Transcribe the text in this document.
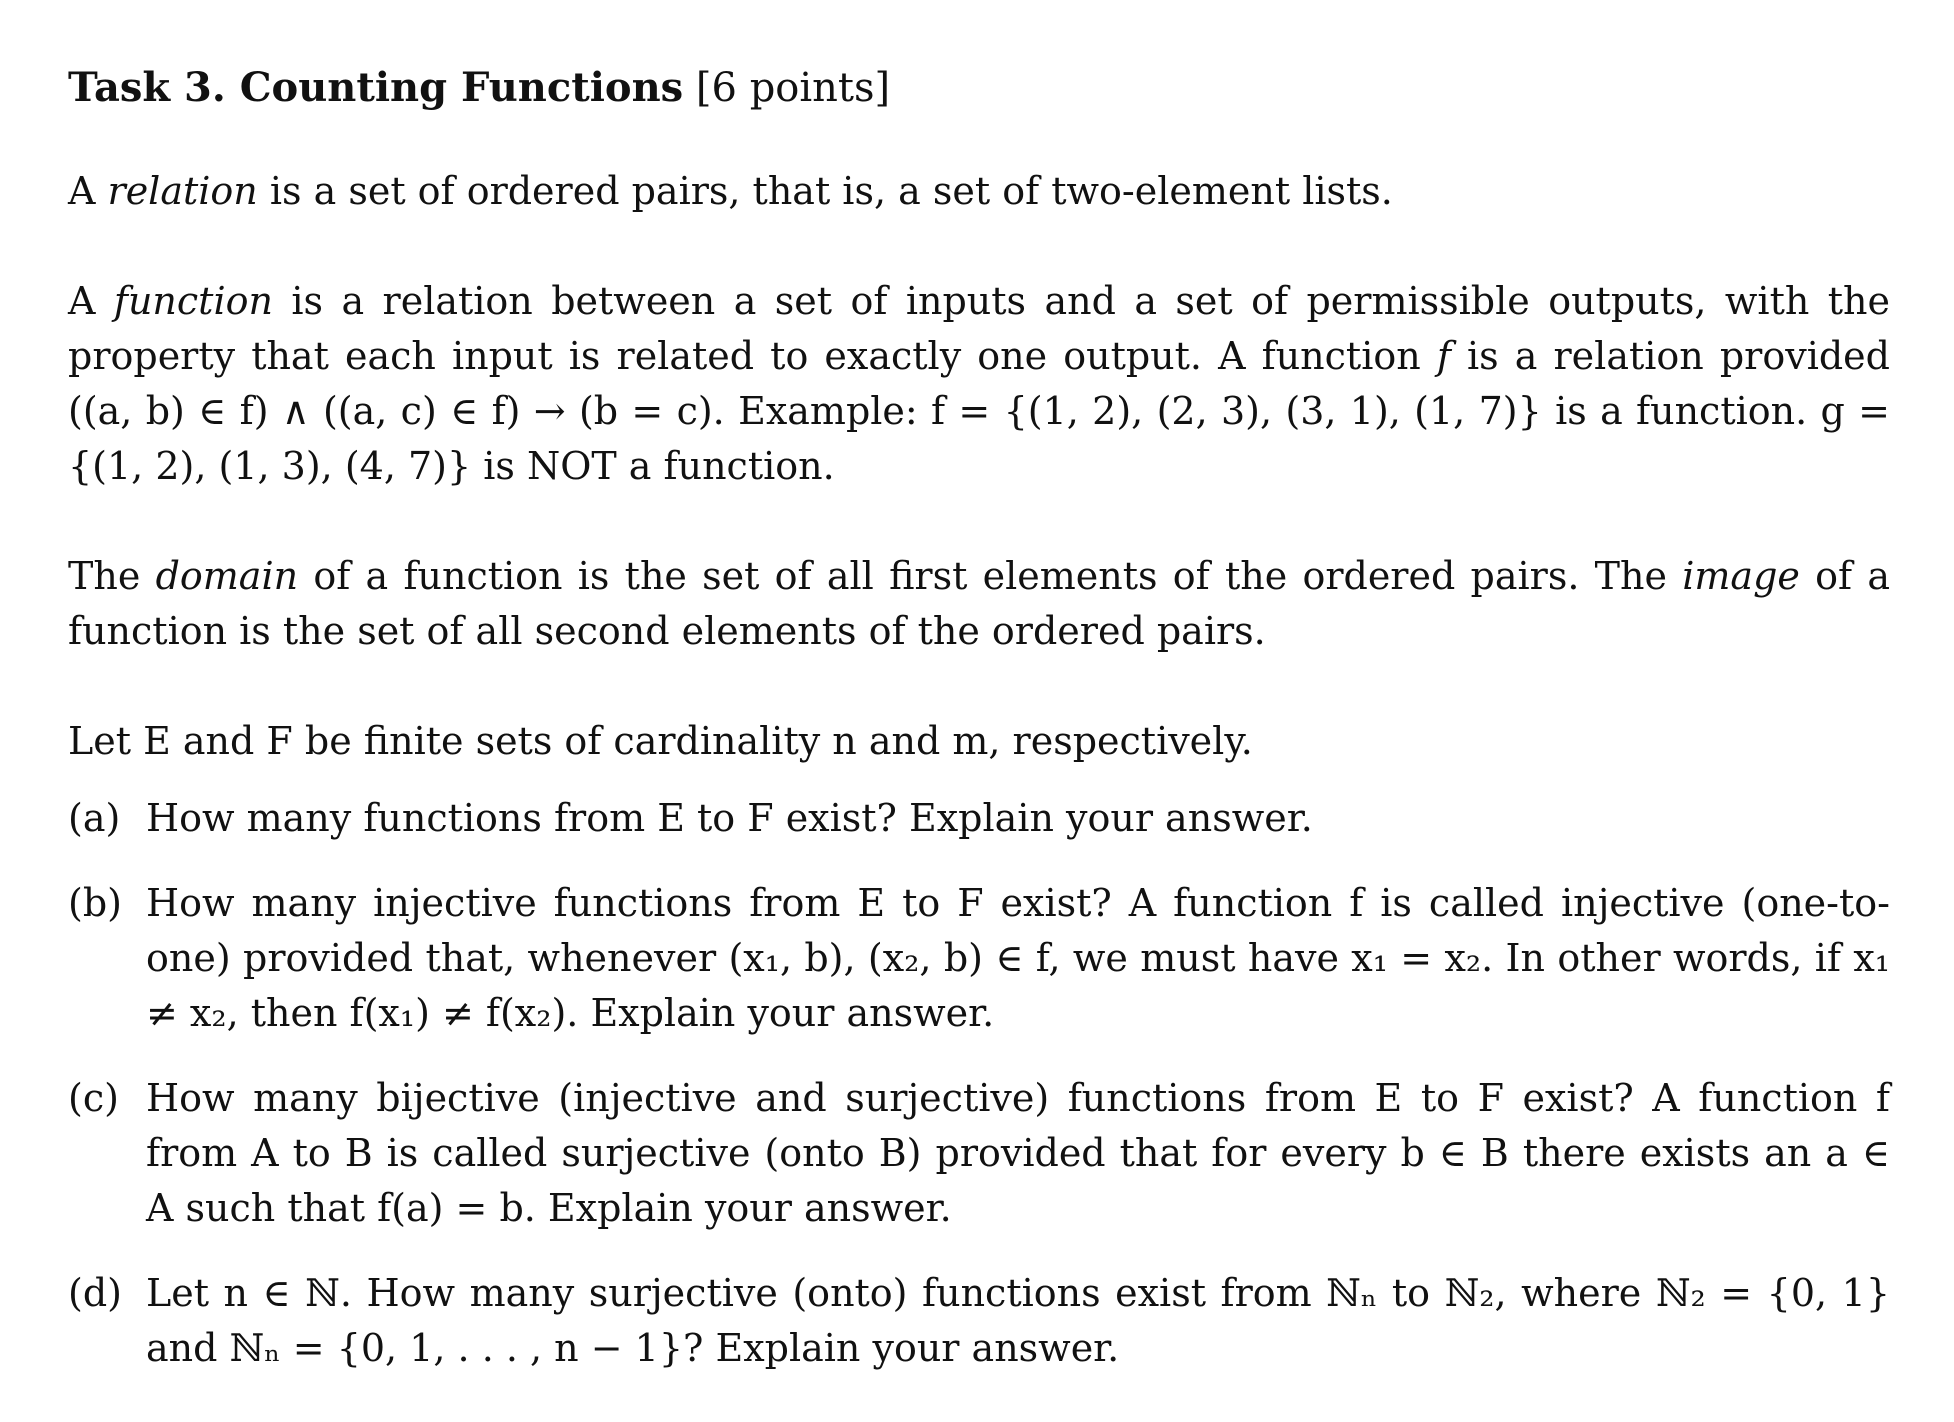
Task 3. Counting Functions [6 points]

A relation is a set of ordered pairs, that is, a set of two-element lists.

A function is a relation between a set of inputs and a set of permissible outputs, with the property that each input is related to exactly one output. A function f is a relation provided ((a, b) ∈ f) ∧ ((a, c) ∈ f) → (b = c). Example: f = {(1, 2), (2, 3), (3, 1), (1, 7)} is a function. g = {(1, 2), (1, 3), (4, 7)} is NOT a function.

The domain of a function is the set of all first elements of the ordered pairs. The image of a function is the set of all second elements of the ordered pairs.

Let E and F be finite sets of cardinality n and m, respectively.

(a) How many functions from E to F exist? Explain your answer.
(b) How many injective functions from E to F exist? A function f is called injective (one-to-one) provided that, whenever (x₁, b), (x₂, b) ∈ f, we must have x₁ = x₂. In other words, if x₁ ≠ x₂, then f(x₁) ≠ f(x₂). Explain your answer.
(c) How many bijective (injective and surjective) functions from E to F exist? A function f from A to B is called surjective (onto B) provided that for every b ∈ B there exists an a ∈ A such that f(a) = b. Explain your answer.
(d) Let n ∈ ℕ. How many surjective (onto) functions exist from ℕₙ to ℕ₂, where ℕ₂ = {0, 1} and ℕₙ = {0, 1, . . . , n − 1}? Explain your answer.
